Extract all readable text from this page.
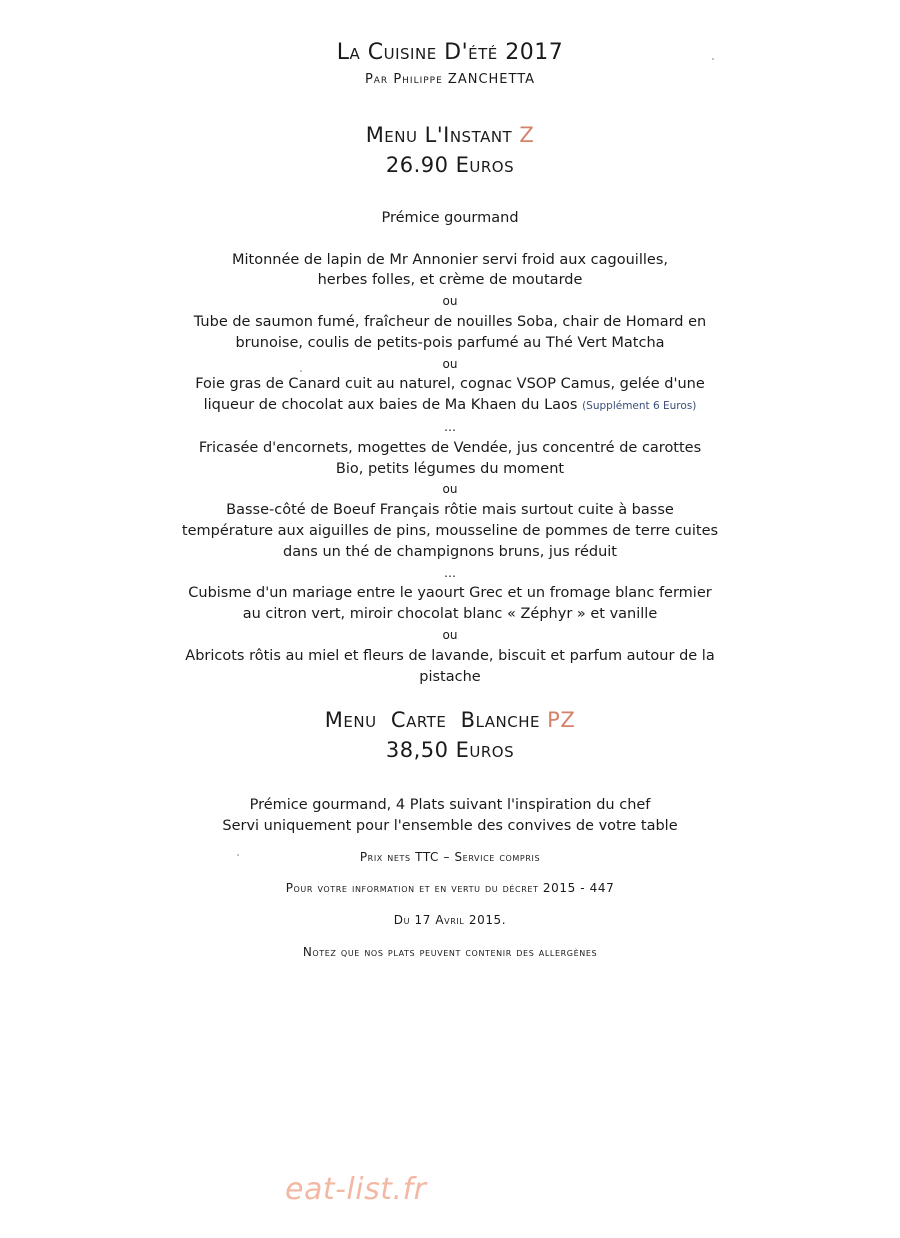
La Cuisine D'été 2017
Par Philippe ZANCHETTA
Menu L'Instant Z
26.90 Euros
Prémice gourmand
Mitonnée de lapin de Mr Annonier servi froid aux cagouilles,
herbes folles, et crème de moutarde
ou
Tube de saumon fumé, fraîcheur de nouilles Soba, chair de Homard en
brunoise, coulis de petits-pois parfumé au Thé Vert Matcha
ou
Foie gras de Canard cuit au naturel, cognac VSOP Camus, gelée d'une
liqueur de chocolat aux baies de Ma Khaen du Laos (Supplément 6 Euros)
…
Fricasée d'encornets, mogettes de Vendée, jus concentré de carottes
Bio, petits légumes du moment
ou
Basse-côté de Boeuf Français rôtie mais surtout cuite à basse
température aux aiguilles de pins, mousseline de pommes de terre cuites
dans un thé de champignons bruns, jus réduit
…
Cubisme d'un mariage entre le yaourt Grec et un fromage blanc fermier
au citron vert, miroir chocolat blanc « Zéphyr » et vanille
ou
Abricots rôtis au miel et fleurs de lavande, biscuit et parfum autour de la
pistache
Menu  Carte  Blanche PZ
38,50 Euros
Prémice gourmand, 4 Plats suivant l'inspiration du chef
Servi uniquement pour l'ensemble des convives de votre table
Prix nets TTC – Service compris
Pour votre information et en vertu du décret 2015 - 447
Du 17 Avril 2015.
Notez que nos plats peuvent contenir des allergènes
eat-list.fr
